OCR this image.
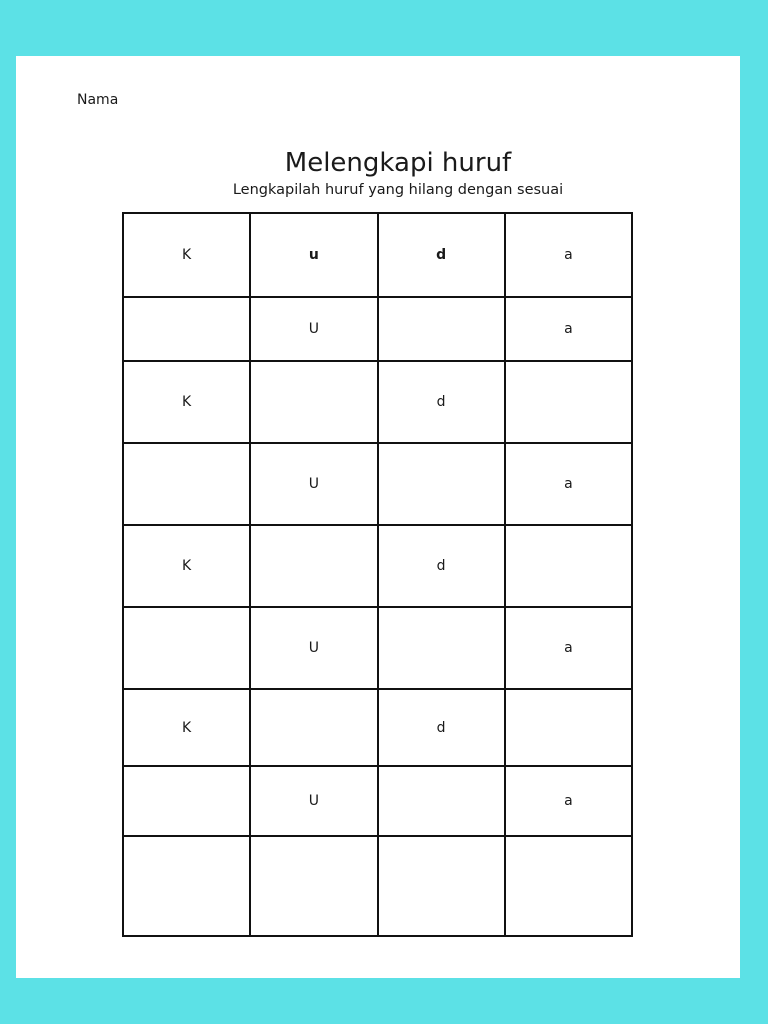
Nama
Melengkapi huruf

Lengkapilah huruf yang hilang dengan sesuai

K	u	d	a
	U		a
K		d	
	U		a
K		d	
	U		a
K		d	
	U		a
